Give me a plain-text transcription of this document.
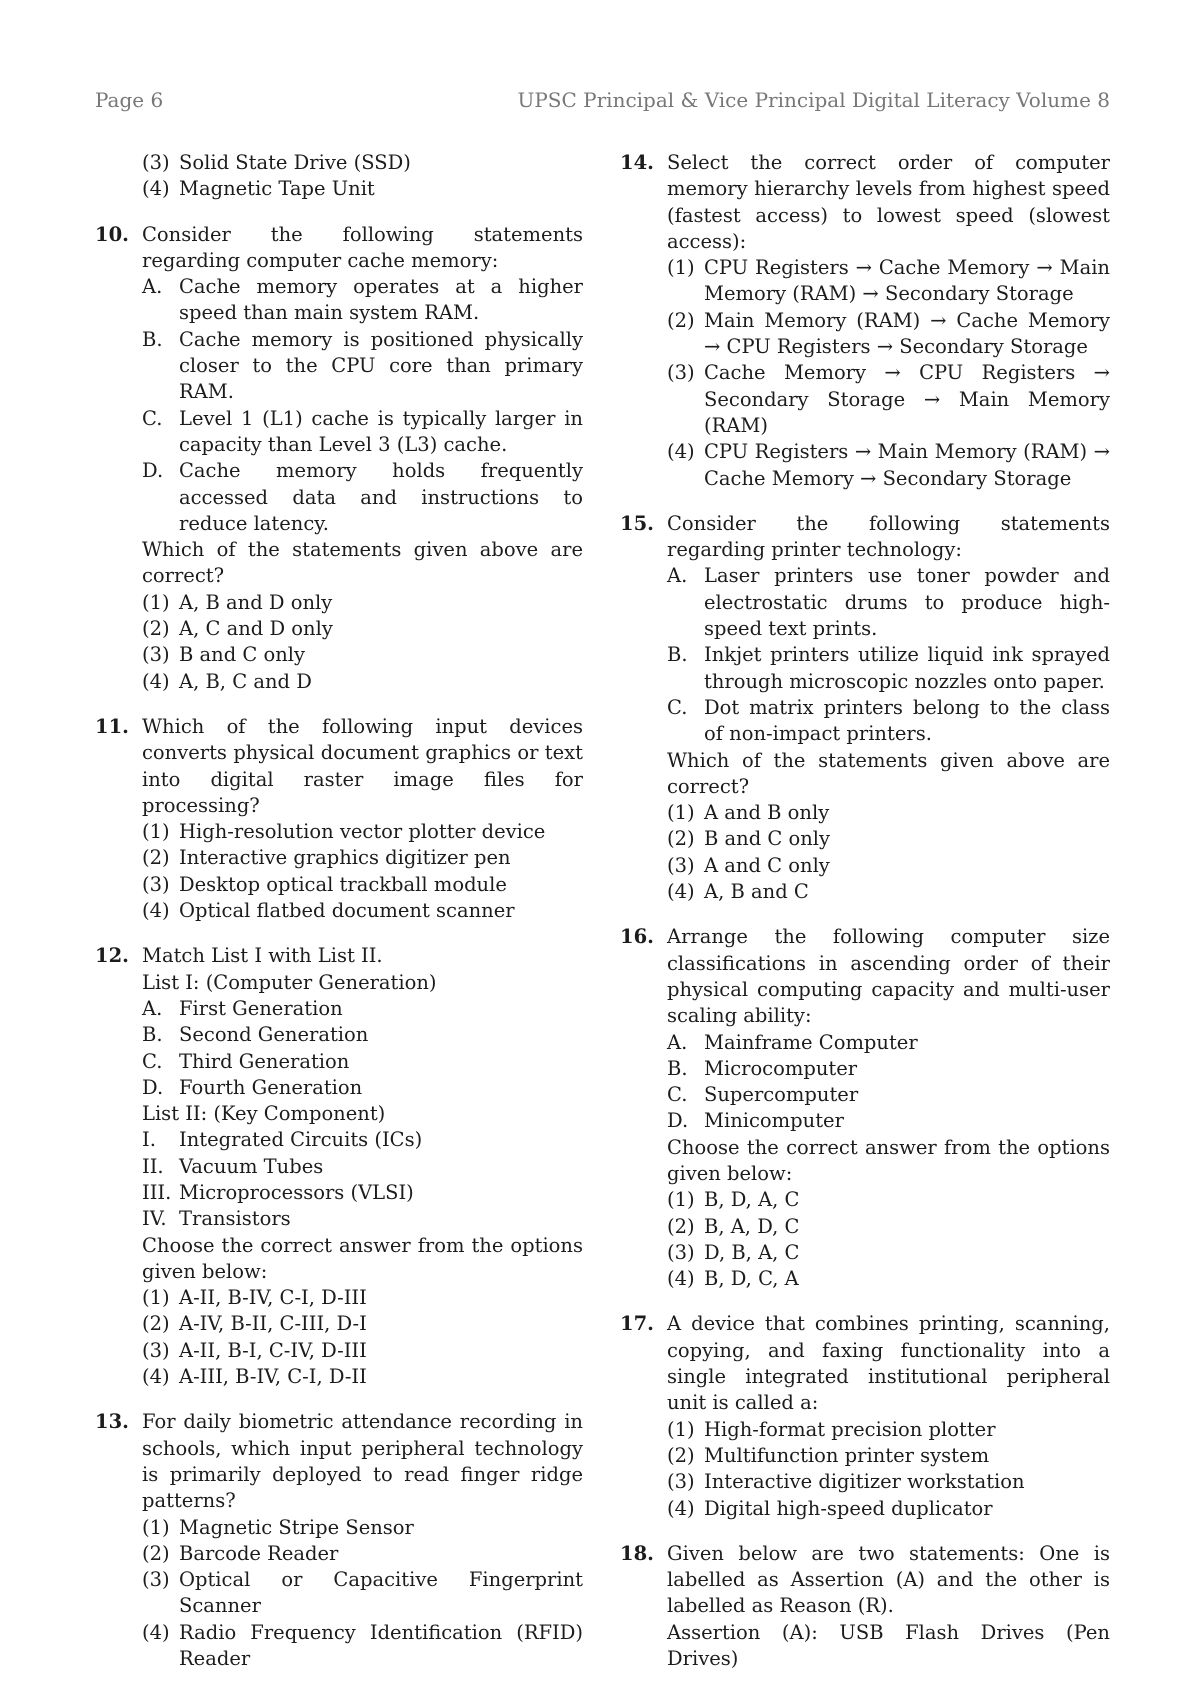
Page 6	UPSC Principal & Vice Principal Digital Literacy Volume 8
(3) Solid State Drive (SSD)
(4) Magnetic Tape Unit
10. Consider the following statements regarding computer cache memory:
A. Cache memory operates at a higher speed than main system RAM.
B. Cache memory is positioned physically closer to the CPU core than primary RAM.
C. Level 1 (L1) cache is typically larger in capacity than Level 3 (L3) cache.
D. Cache memory holds frequently accessed data and instructions to reduce latency.
Which of the statements given above are correct?
(1) A, B and D only
(2) A, C and D only
(3) B and C only
(4) A, B, C and D
11. Which of the following input devices converts physical document graphics or text into digital raster image files for processing?
(1) High-resolution vector plotter device
(2) Interactive graphics digitizer pen
(3) Desktop optical trackball module
(4) Optical flatbed document scanner
12. Match List I with List II.
List I: (Computer Generation)
A. First Generation
B. Second Generation
C. Third Generation
D. Fourth Generation
List II: (Key Component)
I. Integrated Circuits (ICs)
II. Vacuum Tubes
III. Microprocessors (VLSI)
IV. Transistors
Choose the correct answer from the options given below:
(1) A-II, B-IV, C-I, D-III
(2) A-IV, B-II, C-III, D-I
(3) A-II, B-I, C-IV, D-III
(4) A-III, B-IV, C-I, D-II
13. For daily biometric attendance recording in schools, which input peripheral technology is primarily deployed to read finger ridge patterns?
(1) Magnetic Stripe Sensor
(2) Barcode Reader
(3) Optical or Capacitive Fingerprint Scanner
(4) Radio Frequency Identification (RFID) Reader
14. Select the correct order of computer memory hierarchy levels from highest speed (fastest access) to lowest speed (slowest access):
(1) CPU Registers → Cache Memory → Main Memory (RAM) → Secondary Storage
(2) Main Memory (RAM) → Cache Memory → CPU Registers → Secondary Storage
(3) Cache Memory → CPU Registers → Secondary Storage → Main Memory (RAM)
(4) CPU Registers → Main Memory (RAM) → Cache Memory → Secondary Storage
15. Consider the following statements regarding printer technology:
A. Laser printers use toner powder and electrostatic drums to produce high-speed text prints.
B. Inkjet printers utilize liquid ink sprayed through microscopic nozzles onto paper.
C. Dot matrix printers belong to the class of non-impact printers.
Which of the statements given above are correct?
(1) A and B only
(2) B and C only
(3) A and C only
(4) A, B and C
16. Arrange the following computer size classifications in ascending order of their physical computing capacity and multi-user scaling ability:
A. Mainframe Computer
B. Microcomputer
C. Supercomputer
D. Minicomputer
Choose the correct answer from the options given below:
(1) B, D, A, C
(2) B, A, D, C
(3) D, B, A, C
(4) B, D, C, A
17. A device that combines printing, scanning, copying, and faxing functionality into a single integrated institutional peripheral unit is called a:
(1) High-format precision plotter
(2) Multifunction printer system
(3) Interactive digitizer workstation
(4) Digital high-speed duplicator
18. Given below are two statements: One is labelled as Assertion (A) and the other is labelled as Reason (R).
Assertion (A): USB Flash Drives (Pen Drives)
